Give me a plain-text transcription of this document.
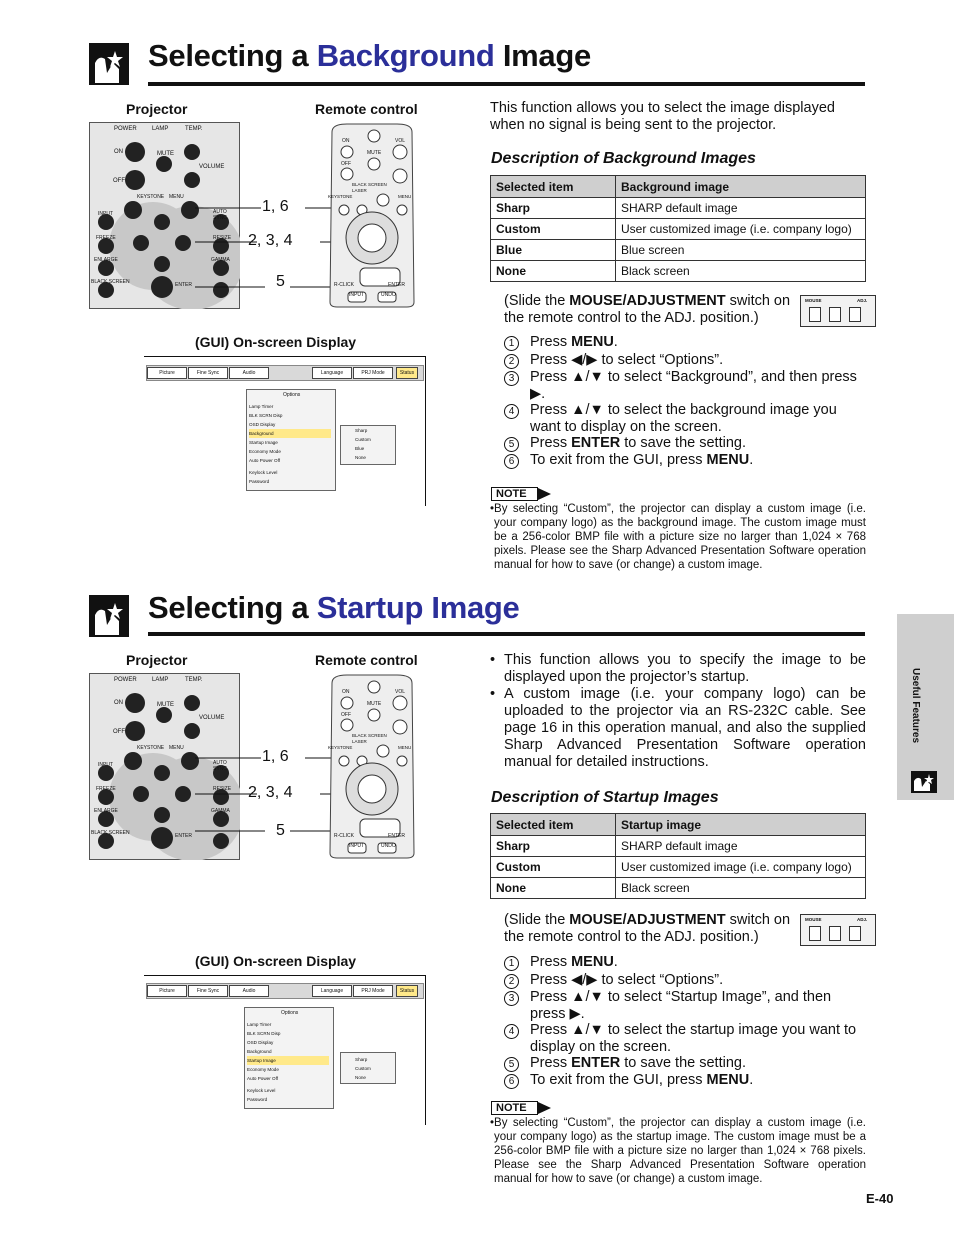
Selecting a Background Image
Projector	Remote control
POWER	LAMP	TEMP.
ON
OFF
MUTE
VOLUME
KEYSTONE MENU
INPUT	AUTO SYNC
FREEZE	RESIZE
ENLARGE	GAMMA
BLACK SCREEN	ENTER
1, 6
2, 3, 4
5
ON
OFF
MUTE
VOL
KEYSTONE
BLACK SCREEN LASER
MENU
R-CLICK	ENTER
INPUT	UNDO
(GUI) On-screen Display
Picture	Fine Sync	Audio	Language	PRJ Mode	Status
Options
Lamp Timer
BLK SCRN Disp
OSD Display
Background
Startup Image
Economy Mode
Auto Power Off
Keylock Level
Password
Sharp
Custom
Blue
None
This function allows you to select the image displayed when no signal is being sent to the projector.
Description of Background Images
Selected item	Background image
Sharp	SHARP default image
Custom	User customized image (i.e. company logo)
Blue	Blue screen
None	Black screen
(Slide the MOUSE/ADJUSTMENT switch on the remote control to the ADJ. position.)
MOUSE	ADJ.
1	Press MENU.
2	Press ◀/▶ to select “Options”.
3	Press ▲/▼ to select “Background”, and then press ▶.
4	Press ▲/▼ to select the background image you want to display on the screen.
5	Press ENTER to save the setting.
6	To exit from the GUI, press MENU.
NOTE
• By selecting “Custom”, the projector can display a custom image (i.e. your company logo) as the background image. The custom image must be a 256-color BMP file with a picture size no larger than 1,024 × 768 pixels. Please see the Sharp Advanced Presentation Software operation manual for how to save (or change) a custom image.
Selecting a Startup Image
Projector	Remote control
POWER	LAMP	TEMP.
ON
OFF
MUTE
VOLUME
KEYSTONE MENU
INPUT	AUTO SYNC
FREEZE	RESIZE
ENLARGE	GAMMA
BLACK SCREEN	ENTER
1, 6
2, 3, 4
5
ON
OFF
MUTE
VOL
KEYSTONE
BLACK SCREEN LASER
MENU
R-CLICK	ENTER
INPUT	UNDO
(GUI) On-screen Display
Picture	Fine Sync	Audio	Language	PRJ Mode	Status
Options
Lamp Timer
BLK SCRN Disp
OSD Display
Background
Startup Image
Economy Mode
Auto Power Off
Keylock Level
Password
Sharp
Custom
None
• This function allows you to specify the image to be displayed upon the projector’s startup.
• A custom image (i.e. your company logo) can be uploaded to the projector via an RS-232C cable. See page 16 in this operation manual, and also the supplied Sharp Advanced Presentation Software operation manual for detailed instructions.
Description of Startup Images
Selected item	Startup image
Sharp	SHARP default image
Custom	User customized image (i.e. company logo)
None	Black screen
(Slide the MOUSE/ADJUSTMENT switch on the remote control to the ADJ. position.)
MOUSE	ADJ.
1	Press MENU.
2	Press ◀/▶ to select “Options”.
3	Press ▲/▼ to select “Startup Image”, and then press ▶.
4	Press ▲/▼ to select the startup image you want to display on the screen.
5	Press ENTER to save the setting.
6	To exit from the GUI, press MENU.
NOTE
• By selecting “Custom”, the projector can display a custom image (i.e. your company logo) as the startup image. The custom image must be a 256-color BMP file with a picture size no larger than 1,024 × 768 pixels. Please see the Sharp Advanced Presentation Software operation manual for how to save (or change) a custom image.
Useful Features
E-40
